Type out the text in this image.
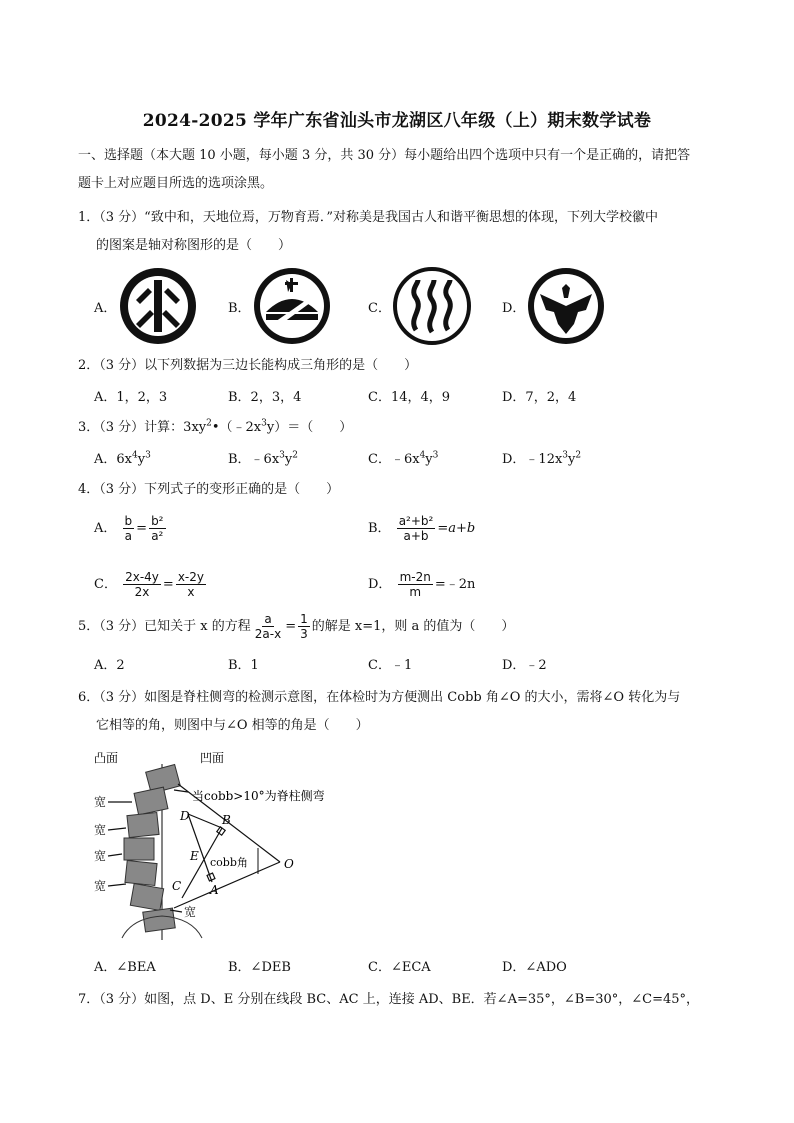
2024-2025 学年广东省汕头市龙湖区八年级（上）期末数学试卷
一、选择题（本大题 10 小题，每小题 3 分，共 30 分）每小题给出四个选项中只有一个是正确的，请把答
题卡上对应题目所选的选项涂黑。
1．（3 分）“致中和，天地位焉，万物育焉．”对称美是我国古人和谐平衡思想的体现，下列大学校徽中
的图案是轴对称图形的是（　　）
A．	B．	C．	D．
2．（3 分）以下列数据为三边长能构成三角形的是（　　）
A．1，2，3	B．2，3，4	C．14，4，9	D．7，2，4
3．（3 分）计算：$3xy^2•(﹣2x^3y)=$（　　）
A．$6x^4y^3$	B．$﹣6x^3y^2$	C．$﹣6x^4y^3$	D．$﹣12x^3y^2$
4．（3 分）下列式子的变形正确的是（　　）
A． $\frac{b}{a} = \frac{\text{b²}}{\text{a²}}$	B． $\frac{\text{a²+b²}}{a+b} =a+b$
C． $\frac{2x-4y}{2x} = \frac{x-2y}{x}$	D． $\frac{m-2n}{m}$ =﹣2n
5．（3 分）已知关于 x 的方程 $\frac{a}{2a-x} = \frac{1}{3}$ 的解是 x=1，则 a 的值为（　　）
A．2	B．1	C．﹣1	D．﹣2
6．（3 分）如图是脊柱侧弯的检测示意图，在体检时为方便测出 Cobb 角∠O 的大小，需将∠O 转化为与
它相等的角，则图中与∠O 相等的角是（　　）
凸面	凹面
宽
宽
宽
宽
宽
当cobb>10°为脊柱侧弯
D	B
E cobb角
C A
O
A．∠BEA	B．∠DEB	C．∠ECA	D．∠ADO
7．（3 分）如图，点 D、E 分别在线段 BC、AC 上，连接 AD、BE．若∠A=35°，∠B=30°，∠C=45°，
